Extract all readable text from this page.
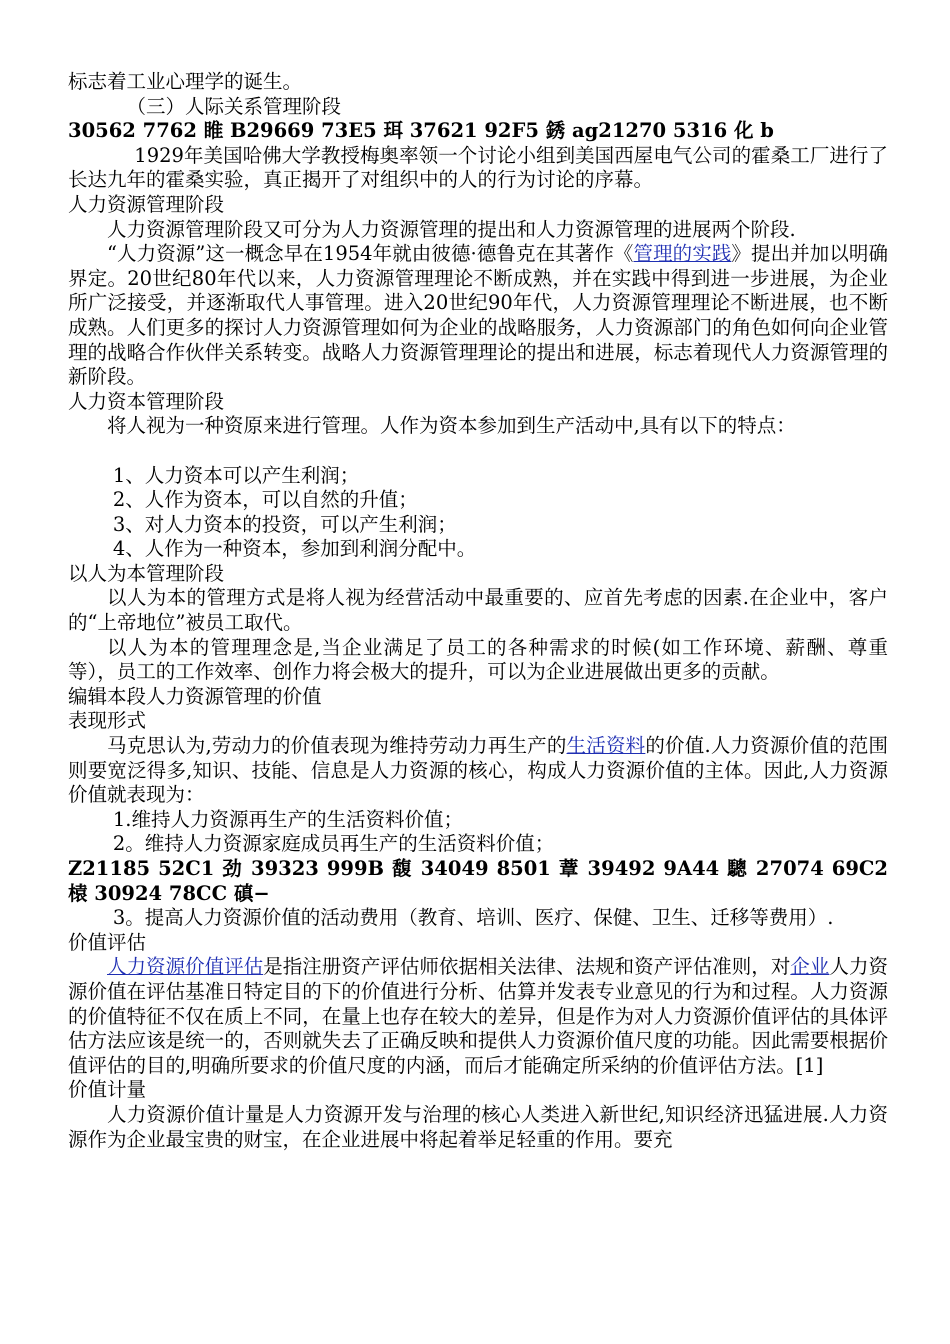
标志着工业心理学的诞生。

（三）人际关系管理阶段

30562 7762 睢 B29669 73E5 珥 37621 92F5 銹 ag21270 5316 化 b

1929年美国哈佛大学教授梅奥率领一个讨论小组到美国西屋电气公司的霍桑工厂进行了长达九年的霍桑实验，真正揭开了对组织中的人的行为讨论的序幕。

人力资源管理阶段

人力资源管理阶段又可分为人力资源管理的提出和人力资源管理的进展两个阶段.

“人力资源”这一概念早在1954年就由彼德·德鲁克在其著作《管理的实践》提出并加以明确界定。20世纪80年代以来，人力资源管理理论不断成熟，并在实践中得到进一步进展，为企业所广泛接受，并逐渐取代人事管理。进入20世纪90年代，人力资源管理理论不断进展，也不断成熟。人们更多的探讨人力资源管理如何为企业的战略服务，人力资源部门的角色如何向企业管理的战略合作伙伴关系转变。战略人力资源管理理论的提出和进展，标志着现代人力资源管理的新阶段。

人力资本管理阶段

将人视为一种资原来进行管理。人作为资本参加到生产活动中,具有以下的特点：

1、人力资本可以产生利润；

2、人作为资本，可以自然的升值；

3、对人力资本的投资，可以产生利润；

4、人作为一种资本，参加到利润分配中。

以人为本管理阶段

以人为本的管理方式是将人视为经营活动中最重要的、应首先考虑的因素.在企业中，客户的“上帝地位”被员工取代。

以人为本的管理理念是,当企业满足了员工的各种需求的时候(如工作环境、薪酬、尊重等），员工的工作效率、创作力将会极大的提升，可以为企业进展做出更多的贡献。

编辑本段人力资源管理的价值

表现形式

马克思认为,劳动力的价值表现为维持劳动力再生产的生活资料的价值.人力资源价值的范围则要宽泛得多,知识、技能、信息是人力资源的核心，构成人力资源价值的主体。因此,人力资源价值就表现为：

1.维持人力资源再生产的生活资料价值；

2。维持人力资源家庭成员再生产的生活资料价值；

Z21185 52C1 劲 39323 999B 馥 34049 8501 蔁 39492 9A44 驄 27074 69C2 榬 30924 78CC 磌−

3。提高人力资源价值的活动费用（教育、培训、医疗、保健、卫生、迁移等费用）.

价值评估

人力资源价值评估是指注册资产评估师依据相关法律、法规和资产评估准则，对企业人力资源价值在评估基准日特定目的下的价值进行分析、估算并发表专业意见的行为和过程。人力资源的价值特征不仅在质上不同，在量上也存在较大的差异，但是作为对人力资源价值评估的具体评估方法应该是统一的，否则就失去了正确反映和提供人力资源价值尺度的功能。因此需要根据价值评估的目的,明确所要求的价值尺度的内涵，而后才能确定所采纳的价值评估方法。[1]

价值计量

人力资源价值计量是人力资源开发与治理的核心人类进入新世纪,知识经济迅猛进展.人力资源作为企业最宝贵的财宝，在企业进展中将起着举足轻重的作用。要充
